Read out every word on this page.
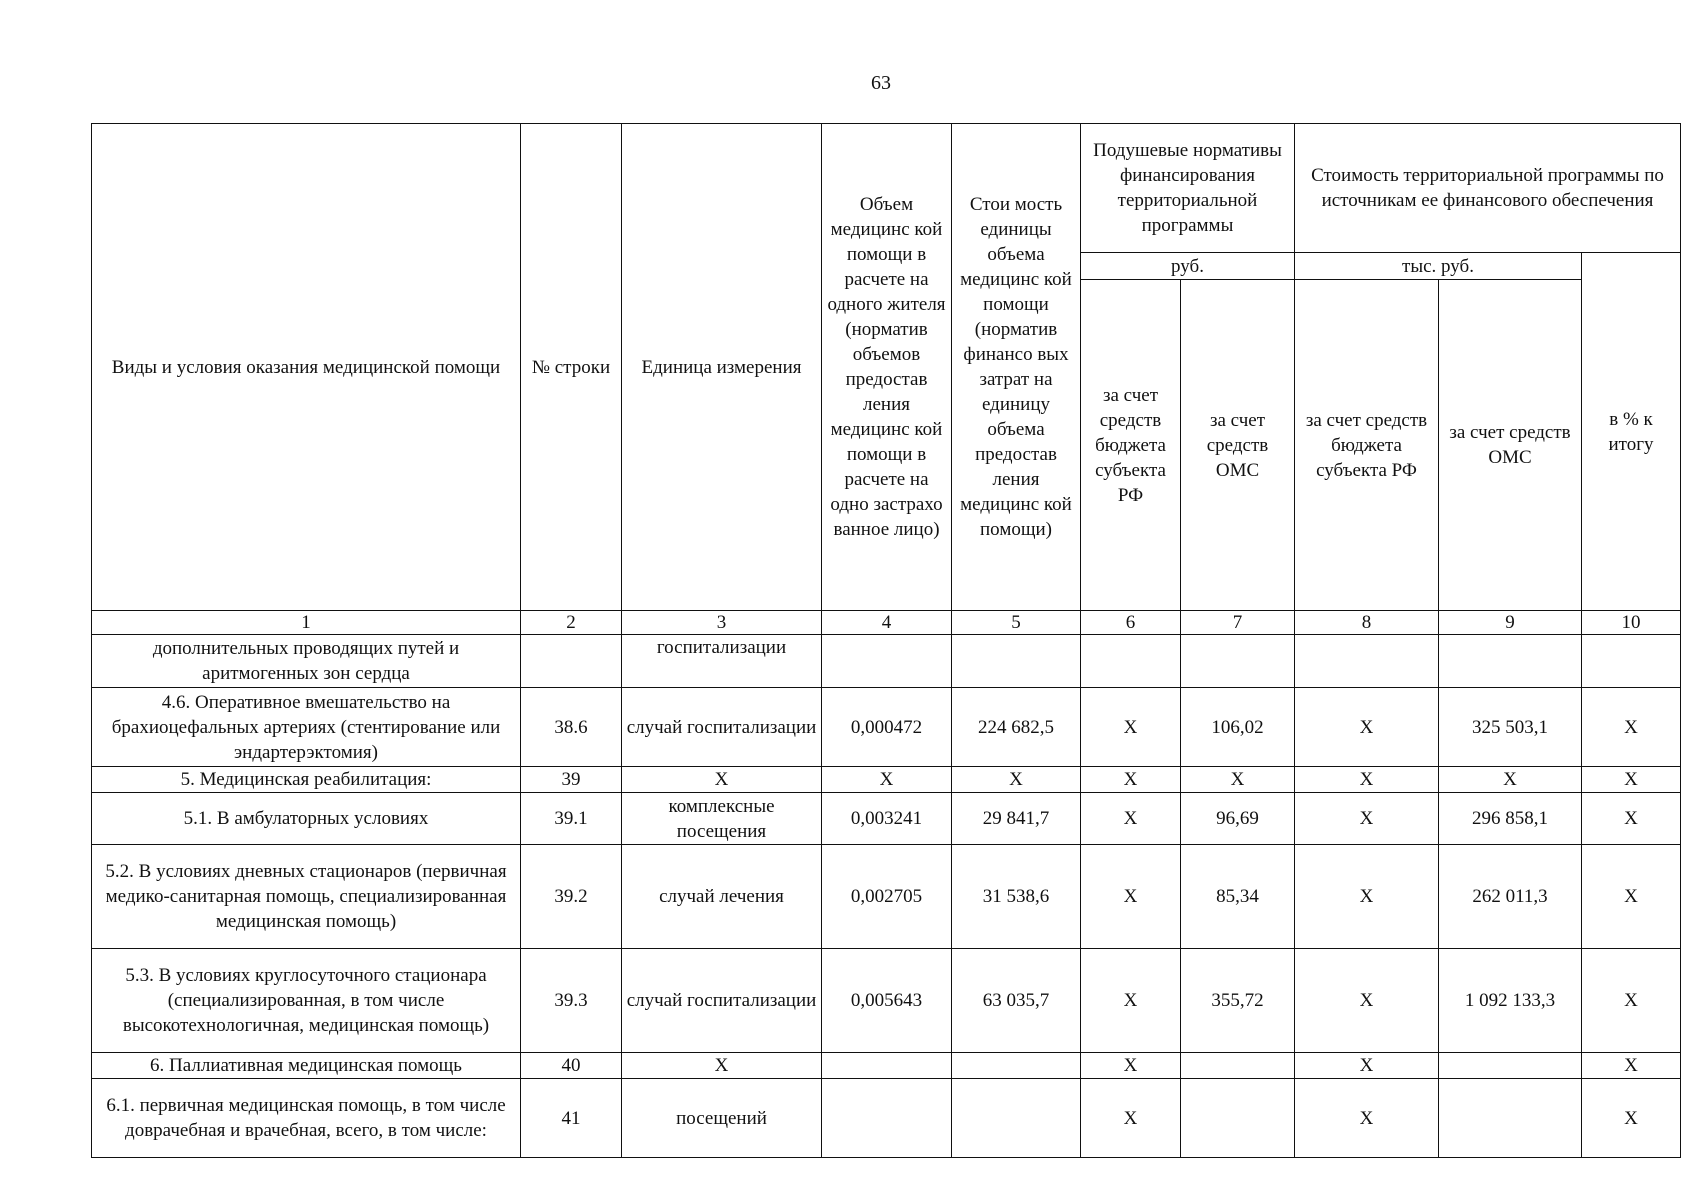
63
Виды и условия оказания медицинской помощи	№ строки	Единица измерения	Объем медицинс кой помощи в расчете на одного жителя (норматив объемов предостав ления медицинс кой помощи в расчете на одно застрахо ванное лицо)	Стои мость единицы объема медицинс кой помощи (норматив финансо вых затрат на единицу объема предостав ления медицинс кой помощи)	Подушевые нормативы финансирования территориальной программы		Стоимость территориальной программы по источникам ее финансового обеспечения		
					руб.		тыс. руб.		в % к итогу
					за счет средств бюджета субъекта РФ	за счет средств ОМС	за счет средств бюджета субъекта РФ	за счет средств ОМС	
1	2	3	4	5	6	7	8	9	10
дополнительных проводящих путей и аритмогенных зон сердца		госпитализации							
4.6. Оперативное вмешательство на брахиоцефальных артериях (стентирование или эндартерэктомия)	38.6	случай госпитализации	0,000472	224 682,5	Х	106,02	Х	325 503,1	Х
5. Медицинская реабилитация:	39	Х	Х	Х	Х	Х	Х	Х	Х
5.1. В амбулаторных условиях	39.1	комплексные посещения	0,003241	29 841,7	Х	96,69	Х	296 858,1	Х
5.2. В условиях дневных стационаров (первичная медико-санитарная помощь, специализированная медицинская помощь)	39.2	случай лечения	0,002705	31 538,6	Х	85,34	Х	262 011,3	Х
5.3. В условиях круглосуточного стационара (специализированная, в том числе высокотехнологичная, медицинская помощь)	39.3	случай госпитализации	0,005643	63 035,7	Х	355,72	Х	1 092 133,3	Х
6. Паллиативная медицинская помощь	40	Х			Х		Х		Х
6.1. первичная медицинская помощь, в том числе доврачебная и врачебная, всего, в том числе:	41	посещений			Х		Х		Х
